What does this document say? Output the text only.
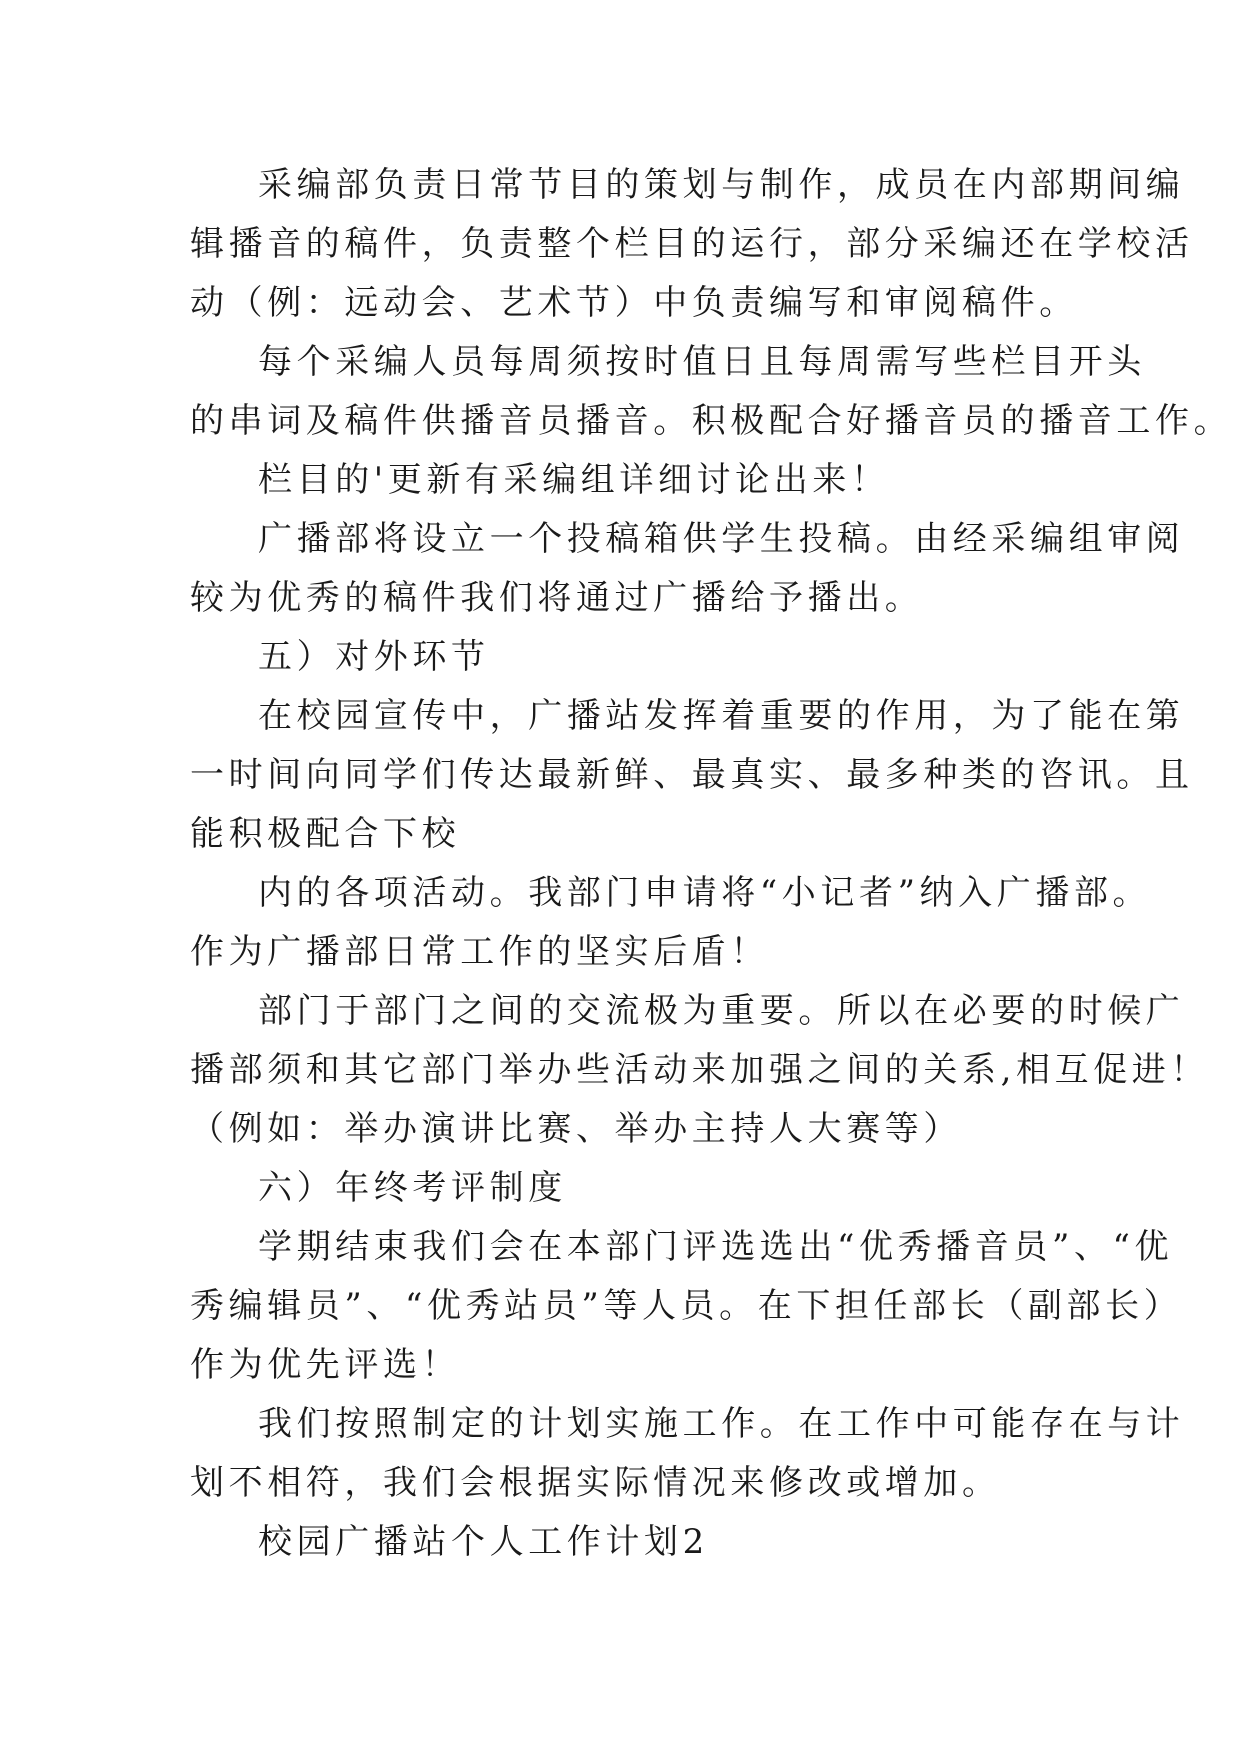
采编部负责日常节目的策划与制作，成员在内部期间编
辑播音的稿件，负责整个栏目的运行，部分采编还在学校活
动（例：远动会、艺术节）中负责编写和审阅稿件。
每个采编人员每周须按时值日且每周需写些栏目开头
的串词及稿件供播音员播音。积极配合好播音员的播音工作。
栏目的'更新有采编组详细讨论出来！
广播部将设立一个投稿箱供学生投稿。由经采编组审阅
较为优秀的稿件我们将通过广播给予播出。
五）对外环节
在校园宣传中，广播站发挥着重要的作用，为了能在第
一时间向同学们传达最新鲜、最真实、最多种类的咨讯。且
能积极配合下校
内的各项活动。我部门申请将“小记者”纳入广播部。
作为广播部日常工作的坚实后盾！
部门于部门之间的交流极为重要。所以在必要的时候广
播部须和其它部门举办些活动来加强之间的关系,相互促进！
（例如：举办演讲比赛、举办主持人大赛等）
六）年终考评制度
学期结束我们会在本部门评选选出“优秀播音员”、“优
秀编辑员”、“优秀站员”等人员。在下担任部长（副部长）
作为优先评选！
我们按照制定的计划实施工作。在工作中可能存在与计
划不相符，我们会根据实际情况来修改或增加。
校园广播站个人工作计划2
